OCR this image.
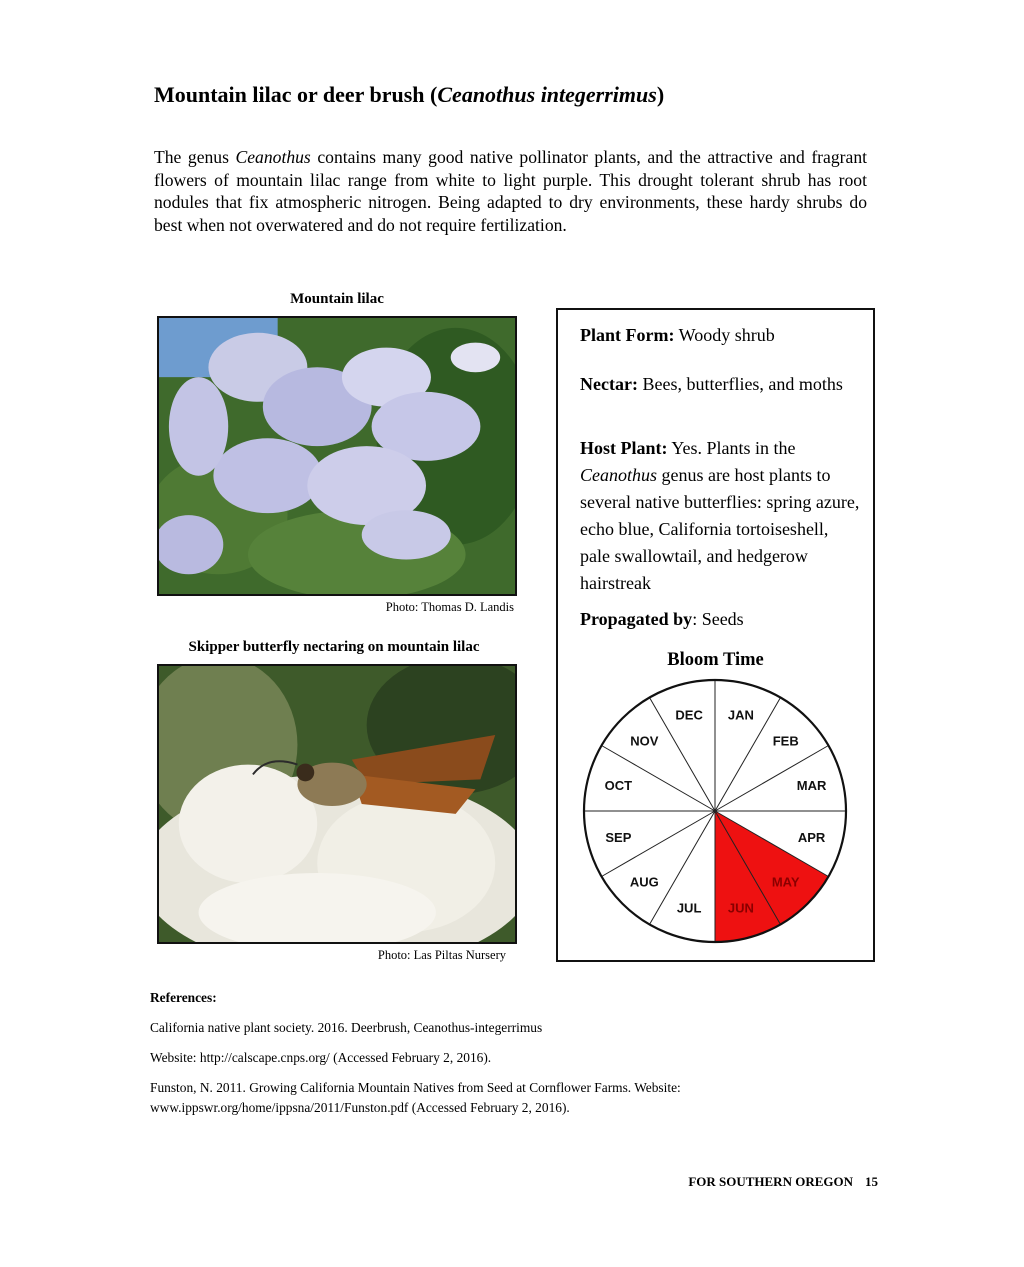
Mountain lilac or deer brush (Ceanothus integerrimus)

The genus Ceanothus contains many good native pollinator plants, and the attractive and fragrant flowers of mountain lilac range from white to light purple. This drought tolerant shrub has root nodules that fix atmospheric nitrogen. Being adapted to dry environments, these hardy shrubs do best when not overwatered and do not require fertilization.

Mountain lilac
Photo: Thomas D. Landis
Skipper butterfly nectaring on mountain lilac
Photo: Las Piltas Nursery

Plant Form: Woody shrub

Nectar: Bees, butterflies, and moths

Host Plant: Yes. Plants in the Ceanothus genus are host plants to several native butterflies: spring azure, echo blue, California tortoiseshell, pale swallowtail, and hedgerow hairstreak

Propagated by: Seeds

Bloom Time
JAN
FEB
MAR
APR
MAY
JUN
JUL
AUG
SEP
OCT
NOV
DEC

References:

California native plant society. 2016. Deerbrush, Ceanothus-integerrimus

Website: http://calscape.cnps.org/ (Accessed February 2, 2016).

Funston, N. 2011. Growing California Mountain Natives from Seed at Cornflower Farms. Website: www.ippswr.org/home/ippsna/2011/Funston.pdf (Accessed February 2, 2016).

FOR SOUTHERN OREGON 15
